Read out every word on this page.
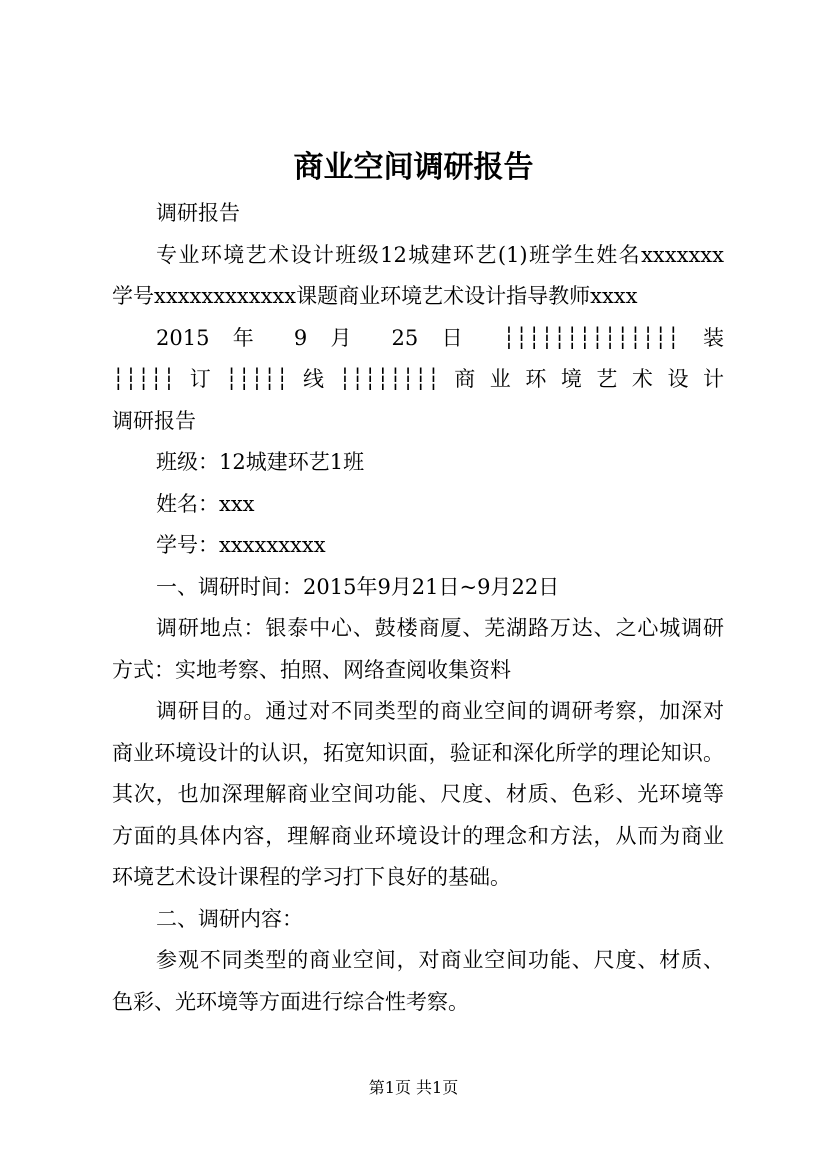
商业空间调研报告
调研报告
专业环境艺术设计班级12城建环艺(1)班学生姓名xxxxxxx
学号xxxxxxxxxxxx课题商业环境艺术设计指导教师xxxx
2015 年 9 月 25 日 ┆┆┆┆┆┆┆┆┆┆┆┆┆┆ 装
┆┆┆┆┆订┆┆┆┆┆线┆┆┆┆┆┆┆┆商业环境艺术设计
调研报告
班级：12城建环艺1班
姓名：xxx
学号：xxxxxxxxx
一、调研时间：2015年9月21日~9月22日
调研地点：银泰中心、鼓楼商厦、芜湖路万达、之心城调研
方式：实地考察、拍照、网络查阅收集资料
调研目的。通过对不同类型的商业空间的调研考察，加深对
商业环境设计的认识，拓宽知识面，验证和深化所学的理论知识。
其次，也加深理解商业空间功能、尺度、材质、色彩、光环境等
方面的具体内容，理解商业环境设计的理念和方法，从而为商业
环境艺术设计课程的学习打下良好的基础。
二、调研内容：
参观不同类型的商业空间，对商业空间功能、尺度、材质、
色彩、光环境等方面进行综合性考察。
第1页 共1页
